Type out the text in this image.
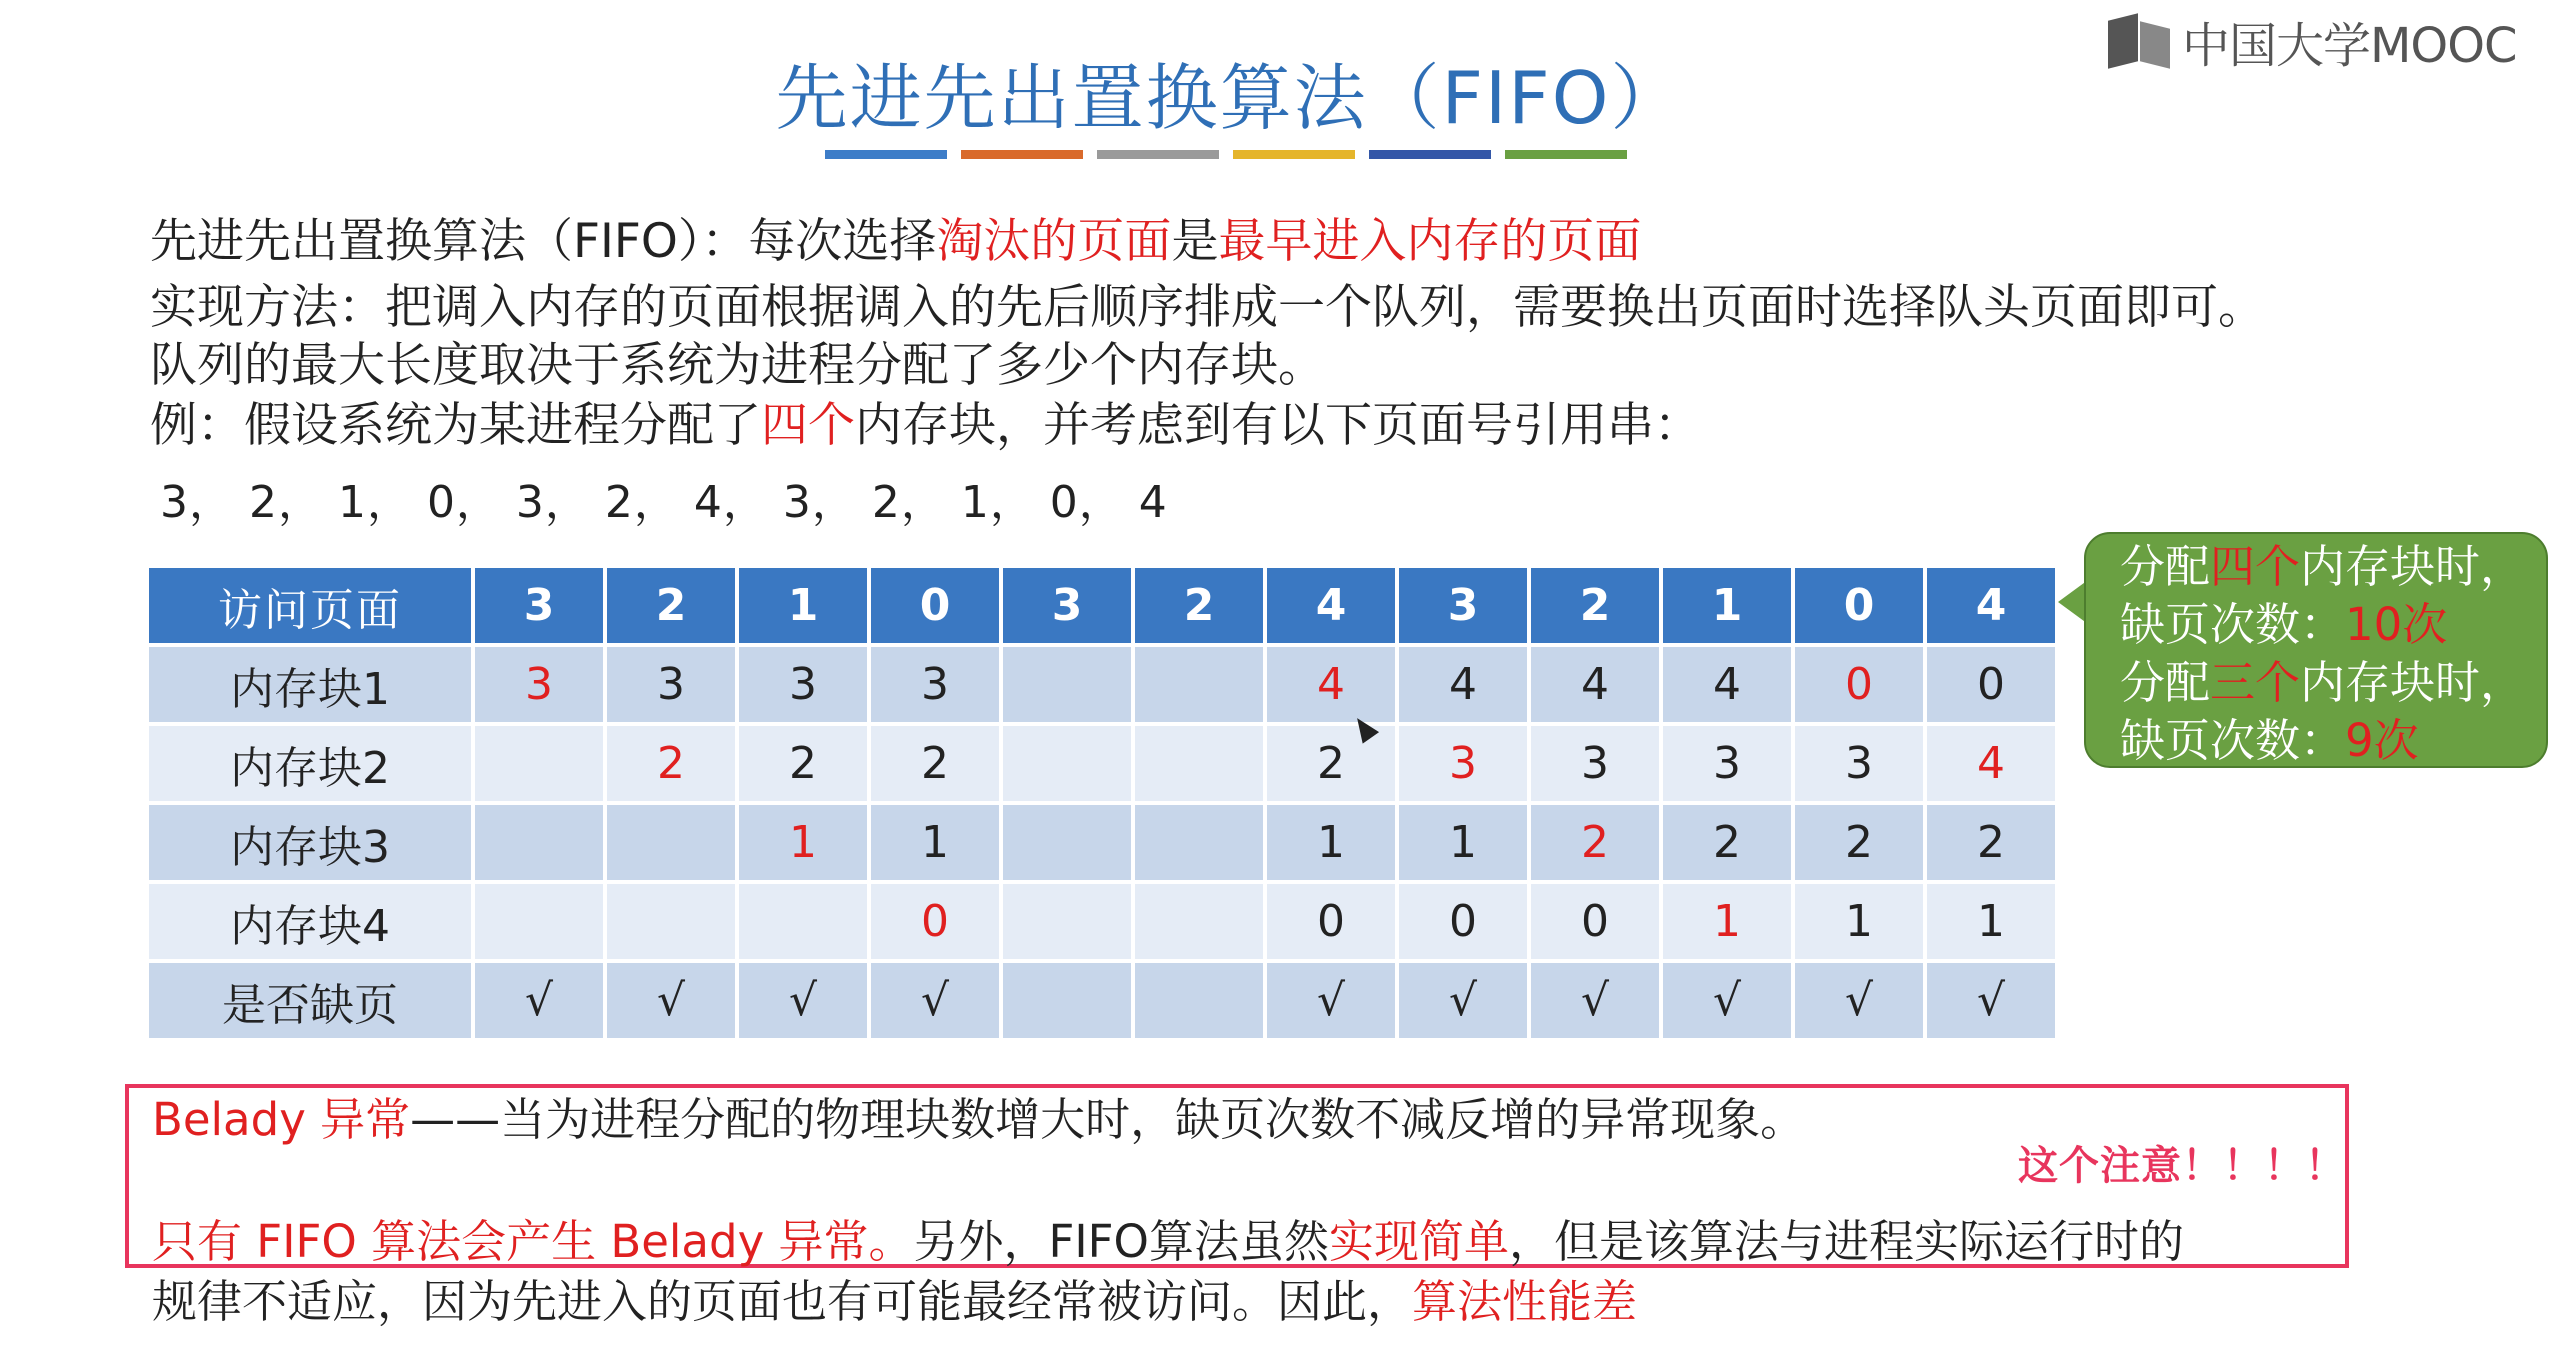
中国大学MOOC
先进先出置换算法（FIFO）
先进先出置换算法（FIFO）：每次选择淘汰的页面是最早进入内存的页面
实现方法：把调入内存的页面根据调入的先后顺序排成一个队列，需要换出页面时选择队头页面即可。
队列的最大长度取决于系统为进程分配了多少个内存块。
例：假设系统为某进程分配了四个内存块，并考虑到有以下页面号引用串：
3， 2， 1， 0， 3， 2， 4， 3， 2， 1， 0， 4
访问页面	3	2	1	0	3	2	4	3	2	1	0	4
内存块1	3	3	3	3			4	4	4	4	0	0
内存块2		2	2	2			2	3	3	3	3	4
内存块3			1	1			1	1	2	2	2	2
内存块4				0			0	0	0	1	1	1
是否缺页	√	√	√	√			√	√	√	√	√	√
分配四个内存块时，
缺页次数：10次
分配三个内存块时，
缺页次数：9次
Belady 异常——当为进程分配的物理块数增大时，缺页次数不减反增的异常现象。
这个注意！！！！
只有 FIFO 算法会产生 Belady 异常。另外，FIFO算法虽然实现简单，但是该算法与进程实际运行时的
规律不适应，因为先进入的页面也有可能最经常被访问。因此，算法性能差
